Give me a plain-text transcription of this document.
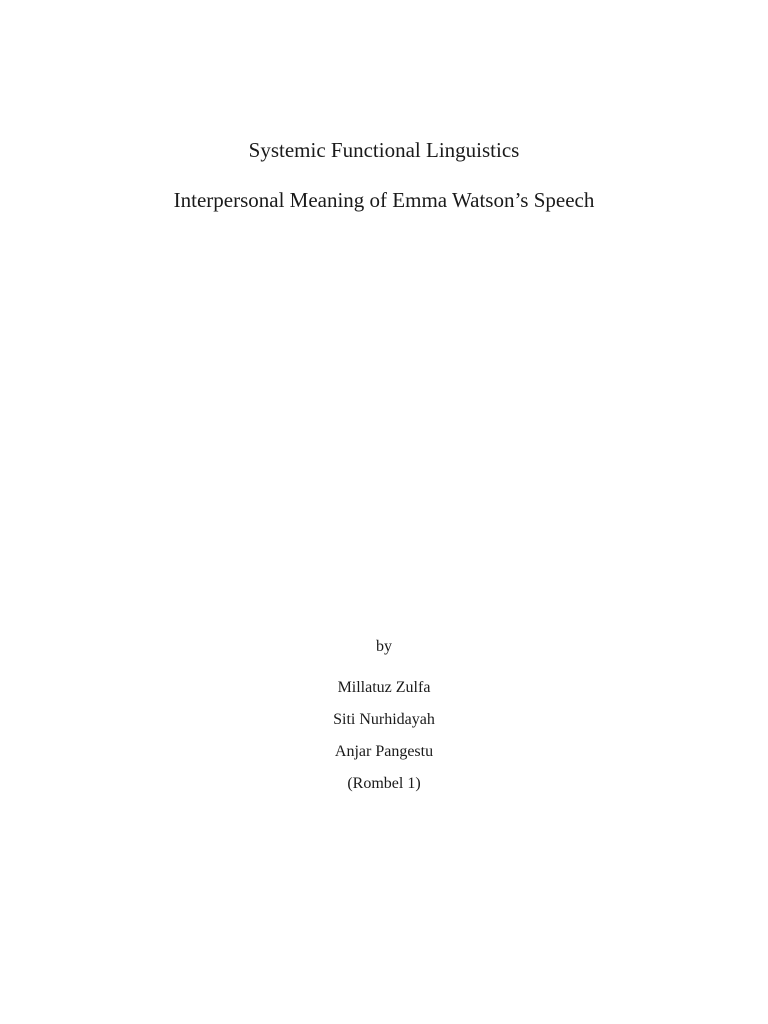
Systemic Functional Linguistics
Interpersonal Meaning of Emma Watson’s Speech
by
Millatuz Zulfa
Siti Nurhidayah
Anjar Pangestu
(Rombel 1)
